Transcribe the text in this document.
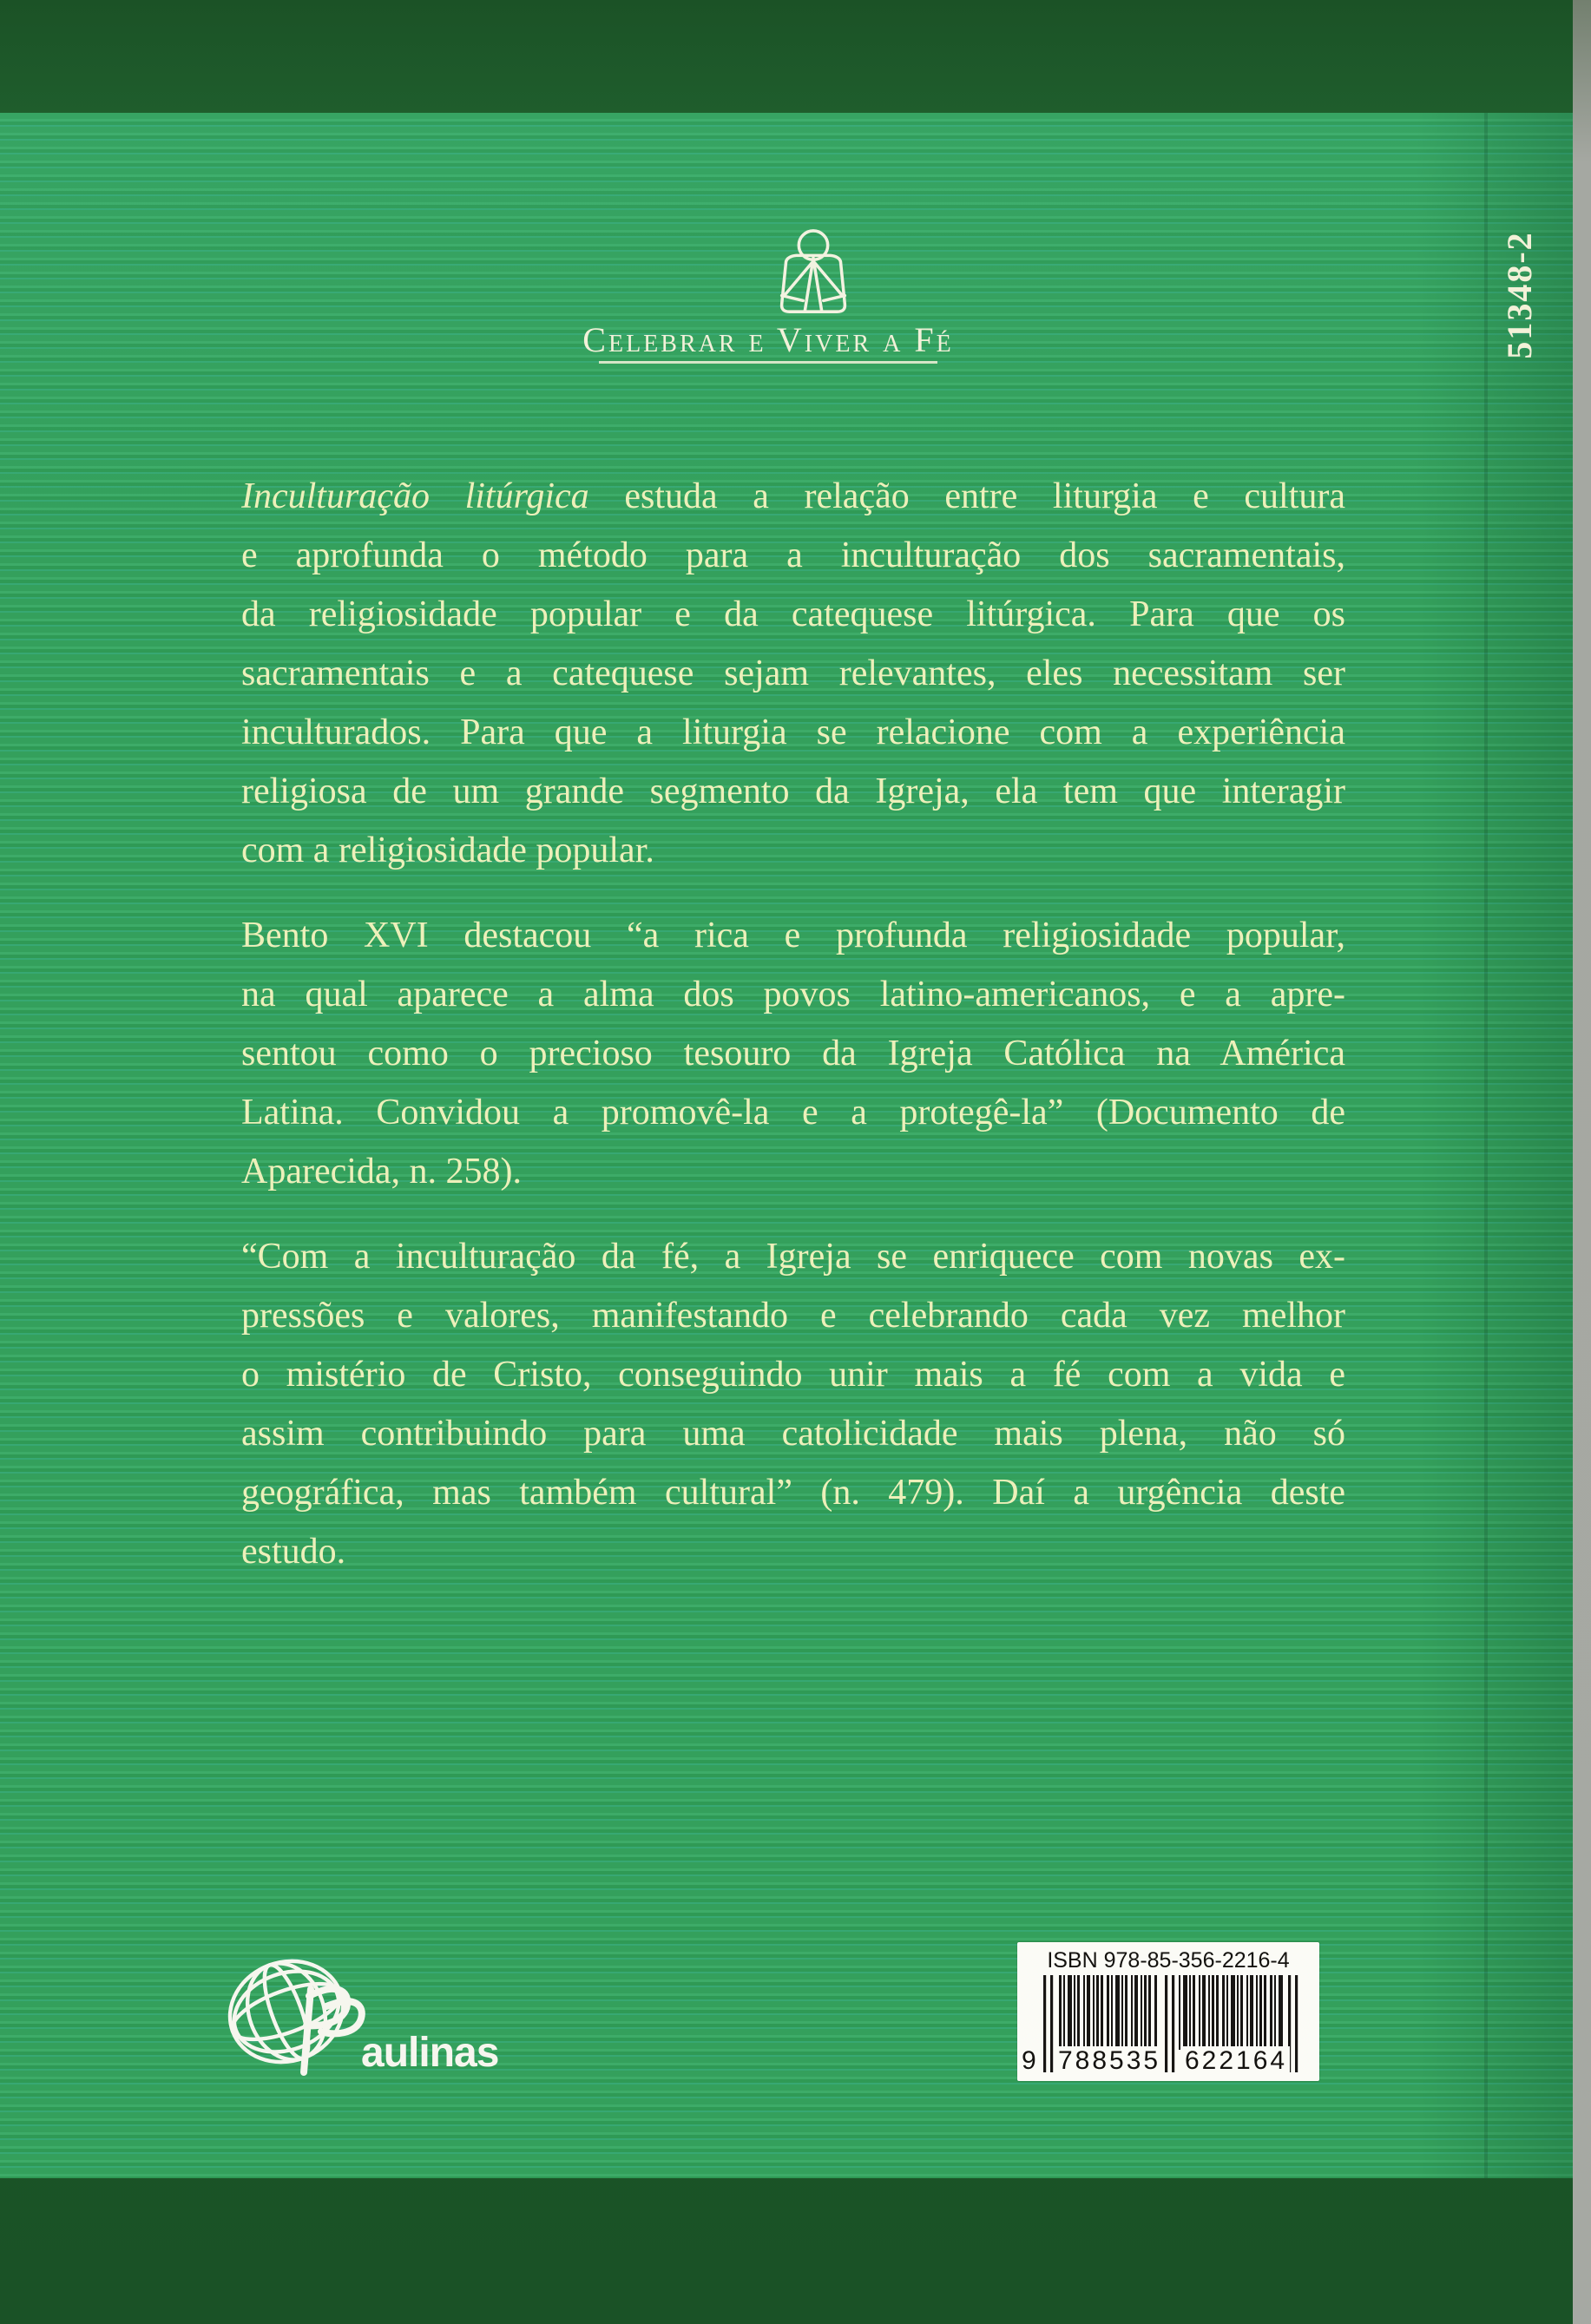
Celebrar e Viver a Fé	51348-2
Inculturação litúrgica estuda a relação entre liturgia e cultura
e aprofunda o método para a inculturação dos sacramentais,
da religiosidade popular e da catequese litúrgica. Para que os
sacramentais e a catequese sejam relevantes, eles necessitam ser
inculturados. Para que a liturgia se relacione com a experiência
religiosa de um grande segmento da Igreja, ela tem que interagir
com a religiosidade popular.
Bento XVI destacou “a rica e profunda religiosidade popular,
na qual aparece a alma dos povos latino-americanos, e a apre-
sentou como o precioso tesouro da Igreja Católica na América
Latina. Convidou a promovê-la e a protegê-la” (Documento de
Aparecida, n. 258).
“Com a inculturação da fé, a Igreja se enriquece com novas ex-
pressões e valores, manifestando e celebrando cada vez melhor
o mistério de Cristo, conseguindo unir mais a fé com a vida e
assim contribuindo para uma catolicidade mais plena, não só
geográfica, mas também cultural” (n. 479). Daí a urgência deste
estudo.
aulinas
ISBN 978-85-356-2216-4
9 788535 622164
